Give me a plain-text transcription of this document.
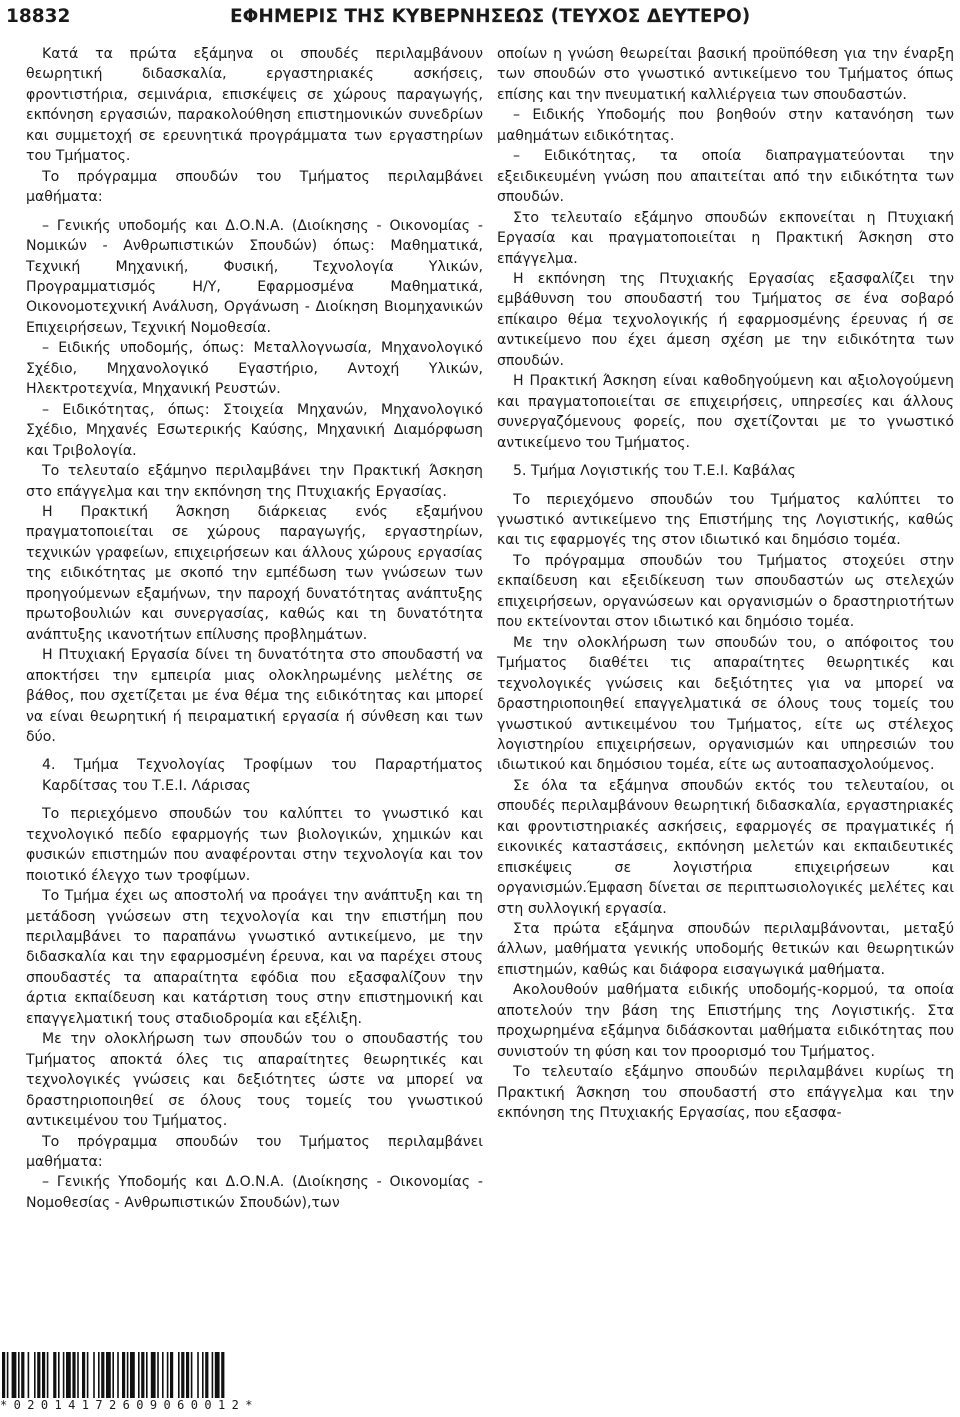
18832	ΕΦΗΜΕΡΙΣ ΤΗΣ ΚΥΒΕΡΝΗΣΕΩΣ (ΤΕΥΧΟΣ ΔΕΥΤΕΡΟ)

Κατά τα πρώτα εξάμηνα οι σπουδές περιλαμβάνουν θεωρητική διδασκαλία, εργαστηριακές ασκήσεις, φροντιστήρια, σεμινάρια, επισκέψεις σε χώρους παραγωγής, εκπόνηση εργασιών, παρακολούθηση επιστημονικών συνεδρίων και συμμετοχή σε ερευνητικά προγράμματα των εργαστηρίων του Τμήματος.

Το πρόγραμμα σπουδών του Τμήματος περιλαμβάνει μαθήματα:

– Γενικής υποδομής και Δ.Ο.Ν.Α. (Διοίκησης - Οικονομίας - Νομικών - Ανθρωπιστικών Σπουδών) όπως: Μαθηματικά, Τεχνική Μηχανική, Φυσική, Τεχνολογία Υλικών, Προγραμματισμός Η/Υ, Εφαρμοσμένα Μαθηματικά, Οικονομοτεχνική Ανάλυση, Οργάνωση - Διοίκηση Βιομηχανικών Επιχειρήσεων, Τεχνική Νομοθεσία.

– Ειδικής υποδομής, όπως: Μεταλλογνωσία, Μηχανολογικό Σχέδιο, Μηχανολογικό Εγαστήριο, Αντοχή Υλικών, Ηλεκτροτεχνία, Μηχανική Ρευστών.

– Ειδικότητας, όπως: Στοιχεία Μηχανών, Μηχανολογικό Σχέδιο, Μηχανές Εσωτερικής Καύσης, Μηχανική Διαμόρφωση και Τριβολογία.

Το τελευταίο εξάμηνο περιλαμβάνει την Πρακτική Άσκηση στο επάγγελμα και την εκπόνηση της Πτυχιακής Εργασίας.

Η Πρακτική Άσκηση διάρκειας ενός εξαμήνου πραγματοποιείται σε χώρους παραγωγής, εργαστηρίων, τεχνικών γραφείων, επιχειρήσεων και άλλους χώρους εργασίας της ειδικότητας με σκοπό την εμπέδωση των γνώσεων των προηγούμενων εξαμήνων, την παροχή δυνατότητας ανάπτυξης πρωτοβουλιών και συνεργασίας, καθώς και τη δυνατότητα ανάπτυξης ικανοτήτων επίλυσης προβλημάτων.

Η Πτυχιακή Εργασία δίνει τη δυνατότητα στο σπουδαστή να αποκτήσει την εμπειρία μιας ολοκληρωμένης μελέτης σε βάθος, που σχετίζεται με ένα θέμα της ειδικότητας και μπορεί να είναι θεωρητική ή πειραματική εργασία ή σύνθεση και των δύο.

4. Τμήμα Τεχνολογίας Τροφίμων του Παραρτήματος Καρδίτσας του Τ.Ε.Ι. Λάρισας

Το περιεχόμενο σπουδών του καλύπτει το γνωστικό και τεχνολογικό πεδίο εφαρμογής των βιολογικών, χημικών και φυσικών επιστημών που αναφέρονται στην τεχνολογία και τον ποιοτικό έλεγχο των τροφίμων.

Το Τμήμα έχει ως αποστολή να προάγει την ανάπτυξη και τη μετάδοση γνώσεων στη τεχνολογία και την επιστήμη που περιλαμβάνει το παραπάνω γνωστικό αντικείμενο, με την διδασκαλία και την εφαρμοσμένη έρευνα, και να παρέχει στους σπουδαστές τα απαραίτητα εφόδια που εξασφαλίζουν την άρτια εκπαίδευση και κατάρτιση τους στην επιστημονική και επαγγελματική τους σταδιοδρομία και εξέλιξη.

Με την ολοκλήρωση των σπουδών του ο σπουδαστής του Τμήματος αποκτά όλες τις απαραίτητες θεωρητικές και τεχνολογικές γνώσεις και δεξιότητες ώστε να μπορεί να δραστηριοποιηθεί σε όλους τους τομείς του γνωστικού αντικειμένου του Τμήματος.

Το πρόγραμμα σπουδών του Τμήματος περιλαμβάνει μαθήματα:

– Γενικής Υποδομής και Δ.Ο.Ν.Α. (Διοίκησης - Οικονομίας - Νομοθεσίας - Ανθρωπιστικών Σπουδών),των

οποίων η γνώση θεωρείται βασική προϋπόθεση για την έναρξη των σπουδών στο γνωστικό αντικείμενο του Τμήματος όπως επίσης και την πνευματική καλλιέργεια των σπουδαστών.

– Ειδικής Υποδομής που βοηθούν στην κατανόηση των μαθημάτων ειδικότητας.

– Ειδικότητας, τα οποία διαπραγματεύονται την εξειδικευμένη γνώση που απαιτείται από την ειδικότητα των σπουδών.

Στο τελευταίο εξάμηνο σπουδών εκπονείται η Πτυχιακή Εργασία και πραγματοποιείται η Πρακτική Άσκηση στο επάγγελμα.

Η εκπόνηση της Πτυχιακής Εργασίας εξασφαλίζει την εμβάθυνση του σπουδαστή του Τμήματος σε ένα σοβαρό επίκαιρο θέμα τεχνολογικής ή εφαρμοσμένης έρευνας ή σε αντικείμενο που έχει άμεση σχέση με την ειδικότητα των σπουδών.

Η Πρακτική Άσκηση είναι καθοδηγούμενη και αξιολογούμενη και πραγματοποιείται σε επιχειρήσεις, υπηρεσίες και άλλους συνεργαζόμενους φορείς, που σχετίζονται με το γνωστικό αντικείμενο του Τμήματος.

5. Τμήμα Λογιστικής του Τ.Ε.Ι. Καβάλας

Το περιεχόμενο σπουδών του Τμήματος καλύπτει το γνωστικό αντικείμενο της Επιστήμης της Λογιστικής, καθώς και τις εφαρμογές της στον ιδιωτικό και δημόσιο τομέα.

Το πρόγραμμα σπουδών του Τμήματος στοχεύει στην εκπαίδευση και εξειδίκευση των σπουδαστών ως στελεχών επιχειρήσεων, οργανώσεων και οργανισμών ο δραστηριοτήτων που εκτείνονται στον ιδιωτικό και δημόσιο τομέα.

Με την ολοκλήρωση των σπουδών του, ο απόφοιτος του Τμήματος διαθέτει τις απαραίτητες θεωρητικές και τεχνολογικές γνώσεις και δεξιότητες για να μπορεί να δραστηριοποιηθεί επαγγελματικά σε όλους τους τομείς του γνωστικού αντικειμένου του Τμήματος, είτε ως στέλεχος λογιστηρίου επιχειρήσεων, οργανισμών και υπηρεσιών του ιδιωτικού και δημόσιου τομέα, είτε ως αυτοαπασχολούμενος.

Σε όλα τα εξάμηνα σπουδών εκτός του τελευταίου, οι σπουδές περιλαμβάνουν θεωρητική διδασκαλία, εργαστηριακές και φροντιστηριακές ασκήσεις, εφαρμογές σε πραγματικές ή εικονικές καταστάσεις, εκπόνηση μελετών και εκπαιδευτικές επισκέψεις σε λογιστήρια επιχειρήσεων και οργανισμών.Έμφαση δίνεται σε περιπτωσιολογικές μελέτες και στη συλλογική εργασία.

Στα πρώτα εξάμηνα σπουδών περιλαμβάνονται, μεταξύ άλλων, μαθήματα γενικής υποδομής θετικών και θεωρητικών επιστημών, καθώς και διάφορα εισαγωγικά μαθήματα.

Ακολουθούν μαθήματα ειδικής υποδομής-κορμού, τα οποία αποτελούν την βάση της Επιστήμης της Λογιστικής. Στα προχωρημένα εξάμηνα διδάσκονται μαθήματα ειδικότητας που συνιστούν τη φύση και τον προορισμό του Τμήματος.

Το τελευταίο εξάμηνο σπουδών περιλαμβάνει κυρίως τη Πρακτική Άσκηση του σπουδαστή στο επάγγελμα και την εκπόνηση της Πτυχιακής Εργασίας, που εξασφα-

*02014172609060012*
